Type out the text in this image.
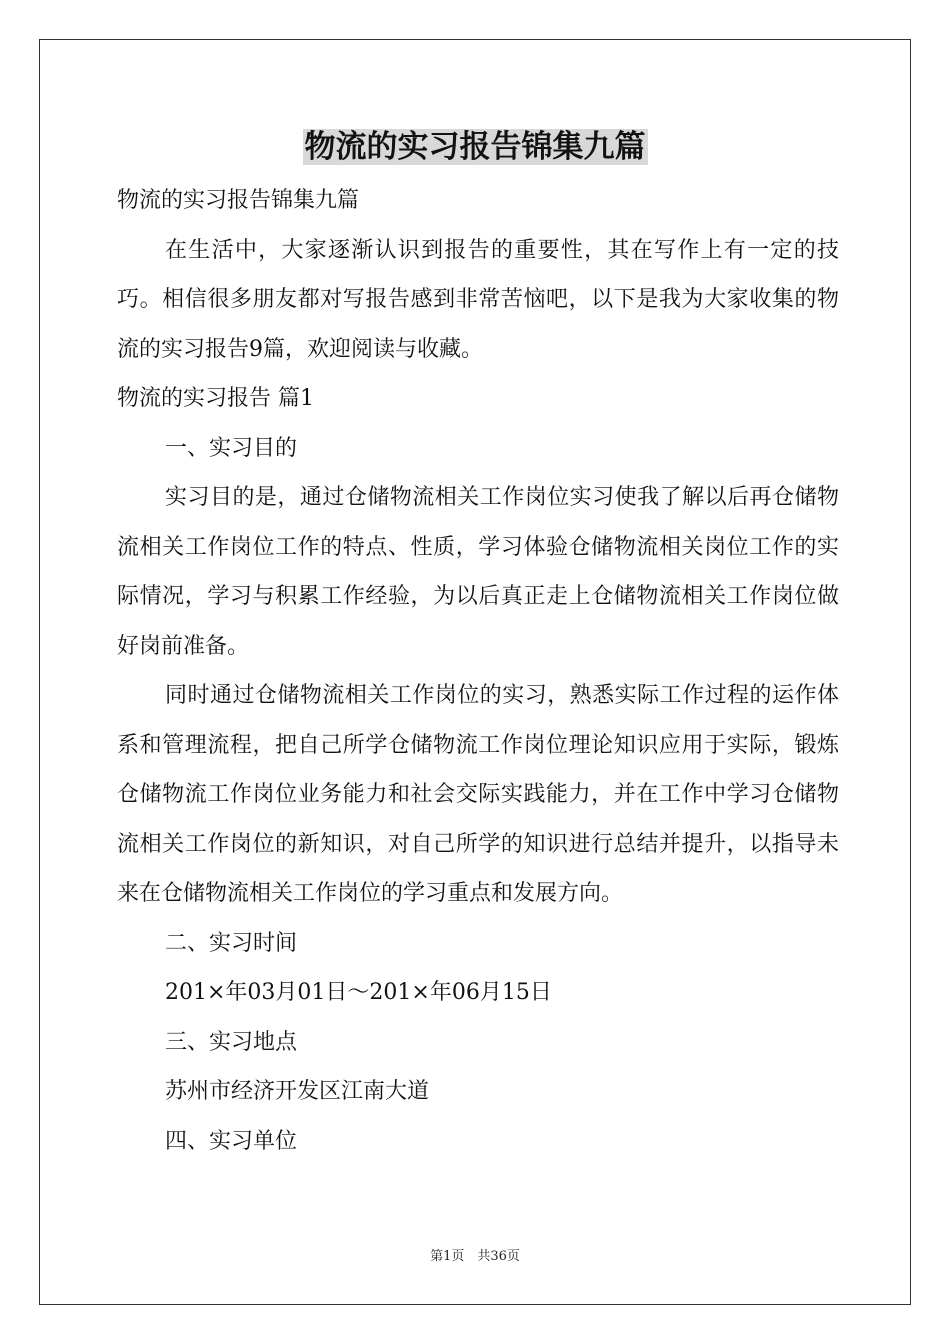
物流的实习报告锦集九篇

物流的实习报告锦集九篇

在生活中，大家逐渐认识到报告的重要性，其在写作上有一定的技巧。相信很多朋友都对写报告感到非常苦恼吧，以下是我为大家收集的物流的实习报告9篇，欢迎阅读与收藏。

物流的实习报告 篇1

一、实习目的

实习目的是，通过仓储物流相关工作岗位实习使我了解以后再仓储物流相关工作岗位工作的特点、性质，学习体验仓储物流相关岗位工作的实际情况，学习与积累工作经验，为以后真正走上仓储物流相关工作岗位做好岗前准备。

同时通过仓储物流相关工作岗位的实习，熟悉实际工作过程的运作体系和管理流程，把自己所学仓储物流工作岗位理论知识应用于实际，锻炼仓储物流工作岗位业务能力和社会交际实践能力，并在工作中学习仓储物流相关工作岗位的新知识，对自己所学的知识进行总结并提升，以指导未来在仓储物流相关工作岗位的学习重点和发展方向。

二、实习时间

201×年03月01日～201×年06月15日

三、实习地点

苏州市经济开发区江南大道

四、实习单位

第1页　共36页
